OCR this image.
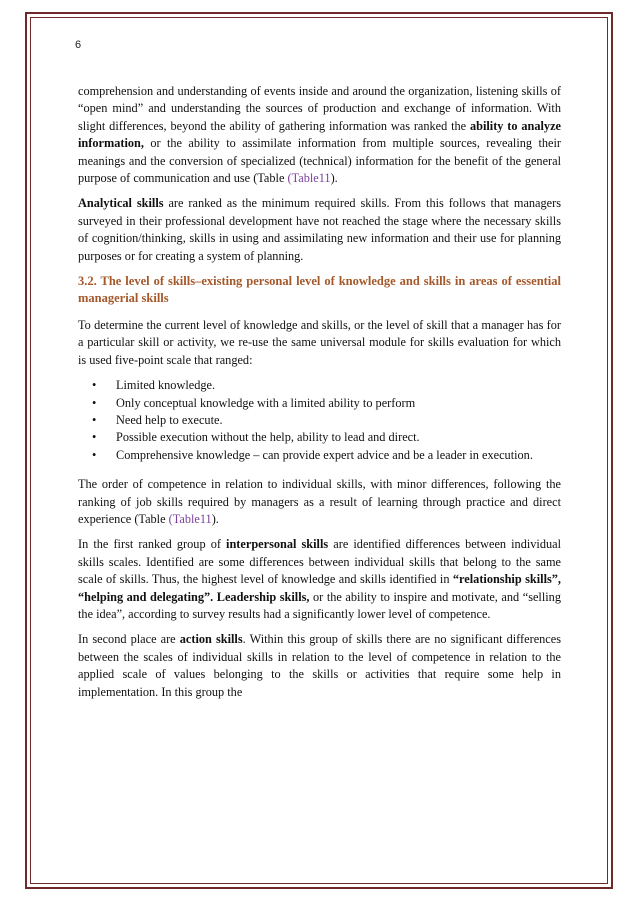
6

comprehension and understanding of events inside and around the organization, listening skills of “open mind” and understanding the sources of production and exchange of information. With slight differences, beyond the ability of gathering information was ranked the ability to analyze information, or the ability to assimilate information from multiple sources, revealing their meanings and the conversion of specialized (technical) information for the benefit of the general purpose of communication and use (Table (Table11).

Analytical skills are ranked as the minimum required skills. From this follows that managers surveyed in their professional development have not reached the stage where the necessary skills of cognition/thinking, skills in using and assimilating new information and their use for planning purposes or for creating a system of planning.

3.2. The level of skills–existing personal level of knowledge and skills in areas of essential managerial skills

To determine the current level of knowledge and skills, or the level of skill that a manager has for a particular skill or activity, we re-use the same universal module for skills evaluation for which is used five-point scale that ranged:

• Limited knowledge.
• Only conceptual knowledge with a limited ability to perform
• Need help to execute.
• Possible execution without the help, ability to lead and direct.
• Comprehensive knowledge – can provide expert advice and be a leader in execution.

The order of competence in relation to individual skills, with minor differences, following the ranking of job skills required by managers as a result of learning through practice and direct experience (Table (Table11).

In the first ranked group of interpersonal skills are identified differences between individual skills scales. Identified are some differences between individual skills that belong to the same scale of skills. Thus, the highest level of knowledge and skills identified in “relationship skills”, “helping and delegating”. Leadership skills, or the ability to inspire and motivate, and “selling the idea”, according to survey results had a significantly lower level of competence.

In second place are action skills. Within this group of skills there are no significant differences between the scales of individual skills in relation to the level of competence in relation to the applied scale of values belonging to the skills or activities that require some help in implementation. In this group the
